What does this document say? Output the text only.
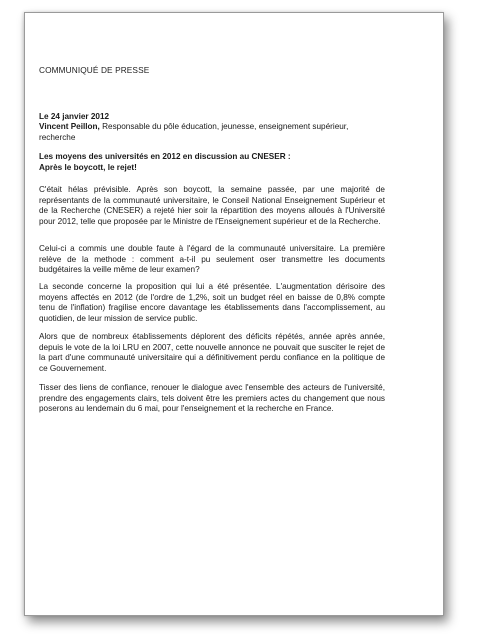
COMMUNIQUÉ DE PRESSE
Le 24 janvier 2012
Vincent Peillon, Responsable du pôle éducation, jeunesse, enseignement supérieur, recherche
Les moyens des universités en 2012 en discussion au CNESER :
Après le boycott, le rejet!

C'était hélas prévisible. Après son boycott, la semaine passée, par une majorité de représentants de la communauté universitaire, le Conseil National Enseignement Supérieur et de la Recherche (CNESER) a rejeté hier soir la répartition des moyens alloués à l'Université pour 2012, telle que proposée par le Ministre de l'Enseignement supérieur et de la Recherche.

Celui-ci a commis une double faute à l'égard de la communauté universitaire. La première relève de la methode : comment a-t-il pu seulement oser transmettre les documents budgétaires la veille même de leur examen?

La seconde concerne la proposition qui lui a été présentée. L'augmentation dérisoire des moyens affectés en 2012 (de l'ordre de 1,2%, soit un budget réel en baisse de 0,8% compte tenu de l'inflation) fragilise encore davantage les établissements dans l'accomplissement, au quotidien, de leur mission de service public.

Alors que de nombreux établissements déplorent des déficits répétés, année après année, depuis le vote de la loi LRU en 2007, cette nouvelle annonce ne pouvait que susciter le rejet de la part d'une communauté universitaire qui a définitivement perdu confiance en la politique de ce Gouvernement.

Tisser des liens de confiance, renouer le dialogue avec l'ensemble des acteurs de l'université, prendre des engagements clairs, tels doivent être les premiers actes du changement que nous poserons au lendemain du 6 mai, pour l'enseignement et la recherche en France.
